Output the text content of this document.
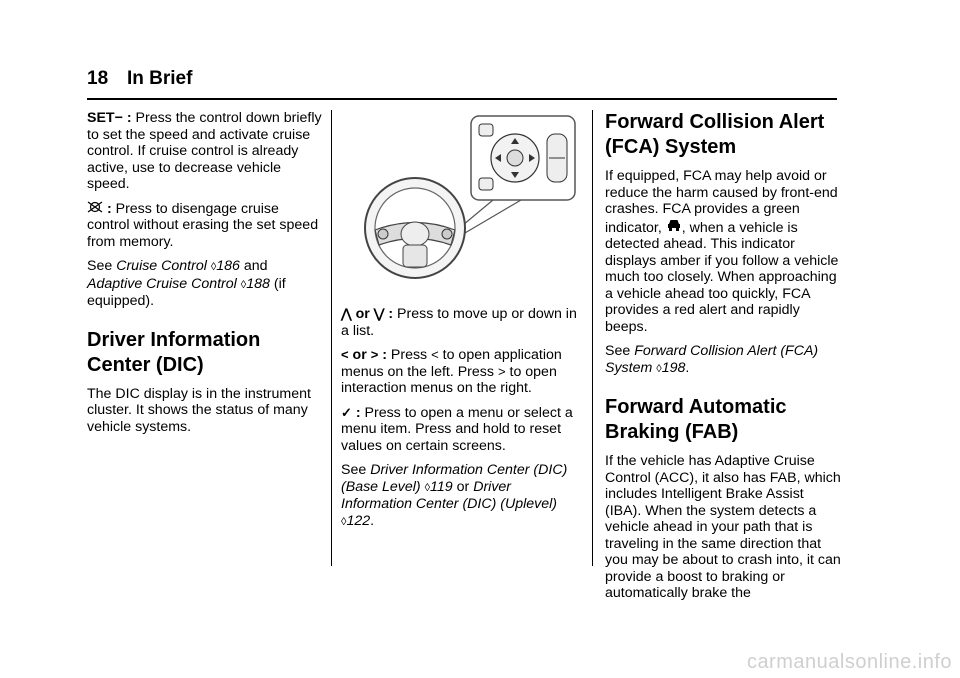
18 In Brief

SET− : Press the control down briefly to set the speed and activate cruise control. If cruise control is already active, use to decrease vehicle speed.

: Press to disengage cruise control without erasing the set speed from memory.

See Cruise Control ◊186 and Adaptive Cruise Control ◊188 (if equipped).

Driver Information Center (DIC)

The DIC display is in the instrument cluster. It shows the status of many vehicle systems.

⋀ or ⋁ : Press to move up or down in a list.

< or > : Press < to open application menus on the left. Press > to open interaction menus on the right.

✓ : Press to open a menu or select a menu item. Press and hold to reset values on certain screens.

See Driver Information Center (DIC) (Base Level) ◊119 or Driver Information Center (DIC) (Uplevel) ◊122.

Forward Collision Alert (FCA) System

If equipped, FCA may help avoid or reduce the harm caused by front-end crashes. FCA provides a green indicator, , when a vehicle is detected ahead. This indicator displays amber if you follow a vehicle much too closely. When approaching a vehicle ahead too quickly, FCA provides a red alert and rapidly beeps.

See Forward Collision Alert (FCA) System ◊198.

Forward Automatic Braking (FAB)

If the vehicle has Adaptive Cruise Control (ACC), it also has FAB, which includes Intelligent Brake Assist (IBA). When the system detects a vehicle ahead in your path that is traveling in the same direction that you may be about to crash into, it can provide a boost to braking or automatically brake the

carmanualsonline.info
